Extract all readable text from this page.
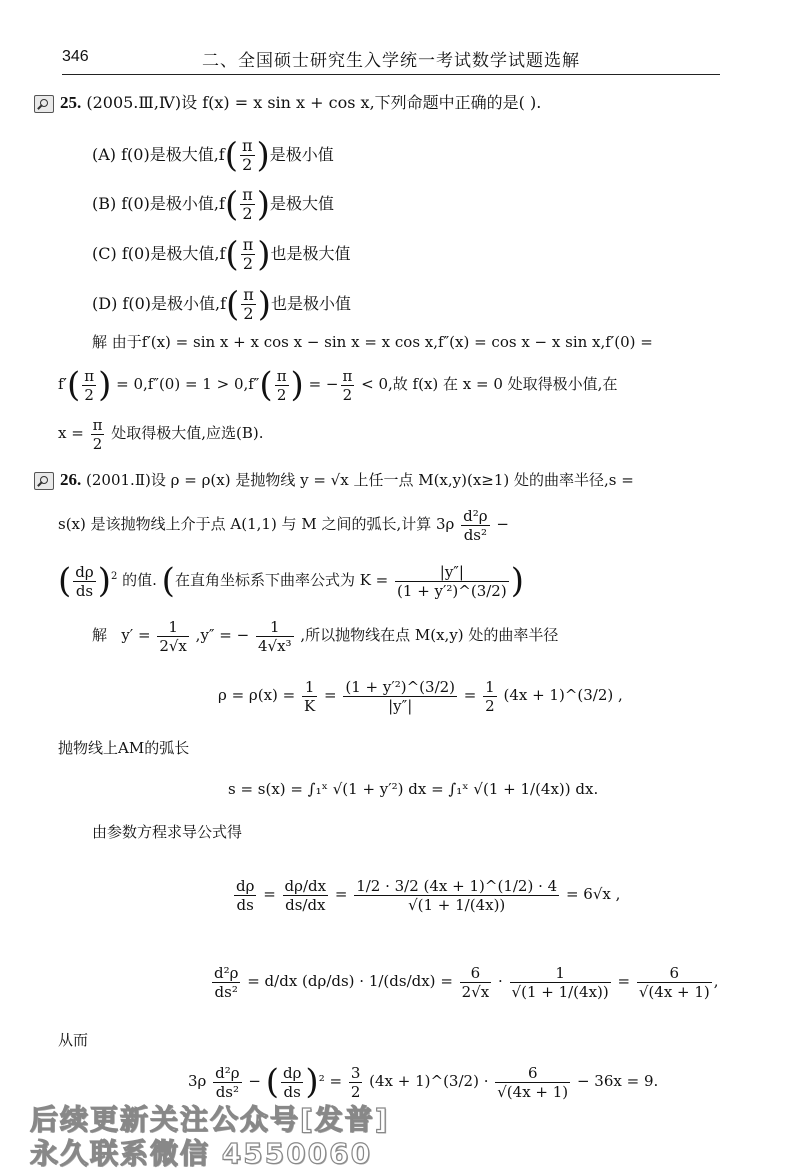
346	二、全国硕士研究生入学统一考试数学试题选解
25. (2005.Ⅲ,Ⅳ)设 f(x) = x sin x + cos x,下列命题中正确的是( ).
(A) f(0)是极大值$,f( \frac{\pi}{2}$ )是极小值
(B) f(0)是极小值$,f( \frac{\pi}{2}$ )是极大值
(C) f(0)是极大值$,f( \frac{\pi}{2}$ )也是极大值
(D) f(0)是极小值$,f( \frac{\pi}{2}$ )也是极小值
解 由于f′(x) = sin x + x cos x − sin x = x cos x,f″(x) = cos x − x sin x,f′(0) =
$f'( \frac{\pi}{2}$ ) = $0,f''(0) = 1 > 0,f''( \frac{\pi}{2}$ ) = − $\frac{\pi}{2} < 0$,故 f(x) 在 x = 0 处取得极小值,在
$x = \frac{\pi}{2}$ 处取得极大值,应选(B).
26. (2001.Ⅱ)设 ρ = ρ(x) 是抛物线 y = √x 上任一点 M(x,y)(x≥1) 处的曲率半径,s =
s(x) 是该抛物线上介于点 A(1,1) 与 M 之间的弧长,计算 $3\rho \frac{\text{d²ρ}}{\text{ds²}}$ −
( $\frac{d\rho}{ds} )^2$ 的值. (在直角坐标系下曲率公式为 $K = \frac{|y''|}{\text{(1 + y′²)\textasciicircum{}(3/2)}}$ )
解 $y' = \frac{1}{2√x} ,y''$ = − $\frac{1}{\text{4√x³}}$ ,所以抛物线在点 M(x,y) 处的曲率半径
$\rho = \rho(x) = \frac{1}{K} = \frac{\text{(1 + y′²)\textasciicircum{}(3/2)}}{|y''|} = \frac{1}{2} (4x$ + 1)^(3/2) ,
抛物线上AM的弧长
s = s(x) = ∫₁ˣ √(1 + y′²) dx = ∫₁ˣ √(1 + 1/(4x)) dx.
由参数方程求导公式得
$\frac{d\rho}{ds} = \frac{d\rho/dx}{ds/dx} = \frac{1/2 \cdot 3/2 (4x + 1)\^{}(1/2) \cdot 4}{√(1 + 1/(4x))} = 6√x$ ,
$\frac{\text{d²ρ}}{\text{ds²}} = d/dx$ $(d\rho/ds) \cdot 1/(ds/dx) = \frac{6}{2√x} \cdot \frac{1}{√(1 + 1/(4x))} = \frac{6}{√(4x + 1)}$ ,
从而
$3\rho \frac{\text{d²ρ}}{\text{ds²}}$ − ( $\frac{d\rho}{ds} )^2 = \frac{3}{2} (4x$ + 1)^(3/2) · $\frac{6}{√(4x + 1)} - 36x = 9$.
后续更新关注公众号[发普]
永久联系微信 4550060
